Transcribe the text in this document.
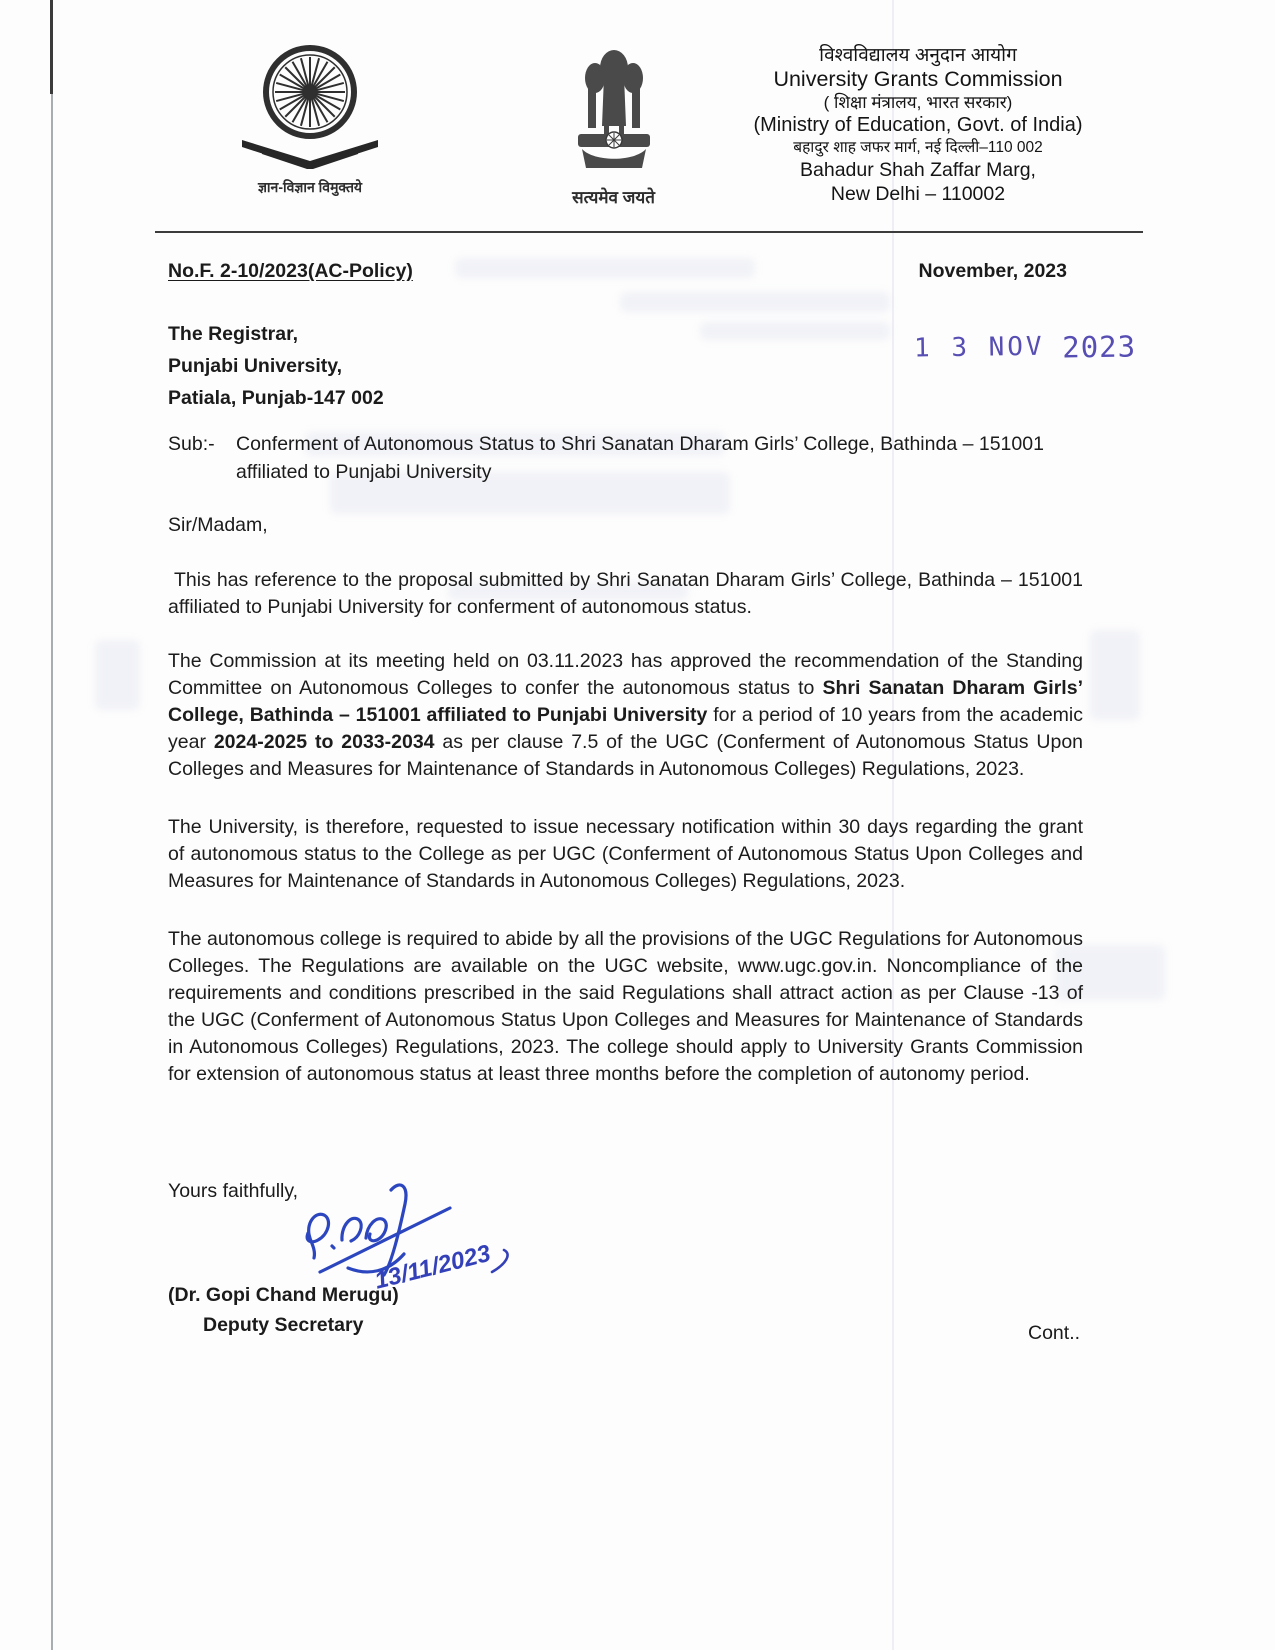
ज्ञान-विज्ञान विमुक्तये
सत्यमेव जयते
विश्वविद्यालय अनुदान आयोग
University Grants Commission
( शिक्षा मंत्रालय, भारत सरकार)
(Ministry of Education, Govt. of India)
बहादुर शाह जफर मार्ग, नई दिल्ली–110 002
Bahadur Shah Zaffar Marg,
New Delhi – 110002
No.F. 2-10/2023(AC-Policy)	November, 2023
The Registrar,
Punjabi University,
Patiala, Punjab-147 002
1 3 NOV 2023
Sub:-	Conferment of Autonomous Status to Shri Sanatan Dharam Girls’ College, Bathinda – 151001 affiliated to Punjabi University
Sir/Madam,

This has reference to the proposal submitted by Shri Sanatan Dharam Girls’ College, Bathinda – 151001 affiliated to Punjabi University for conferment of autonomous status.

The Commission at its meeting held on 03.11.2023 has approved the recommendation of the Standing Committee on Autonomous Colleges to confer the autonomous status to Shri Sanatan Dharam Girls’ College, Bathinda – 151001 affiliated to Punjabi University for a period of 10 years from the academic year 2024-2025 to 2033-2034 as per clause 7.5 of the UGC (Conferment of Autonomous Status Upon Colleges and Measures for Maintenance of Standards in Autonomous Colleges) Regulations, 2023.

The University, is therefore, requested to issue necessary notification within 30 days regarding the grant of autonomous status to the College as per UGC (Conferment of Autonomous Status Upon Colleges and Measures for Maintenance of Standards in Autonomous Colleges) Regulations, 2023.

The autonomous college is required to abide by all the provisions of the UGC Regulations for Autonomous Colleges. The Regulations are available on the UGC website, www.ugc.gov.in. Noncompliance of the requirements and conditions prescribed in the said Regulations shall attract action as per Clause -13 of the UGC (Conferment of Autonomous Status Upon Colleges and Measures for Maintenance of Standards in Autonomous Colleges) Regulations, 2023. The college should apply to University Grants Commission for extension of autonomous status at least three months before the completion of autonomy period.

Yours faithfully,
13/11/2023
(Dr. Gopi Chand Merugu)
Deputy Secretary	Cont..
